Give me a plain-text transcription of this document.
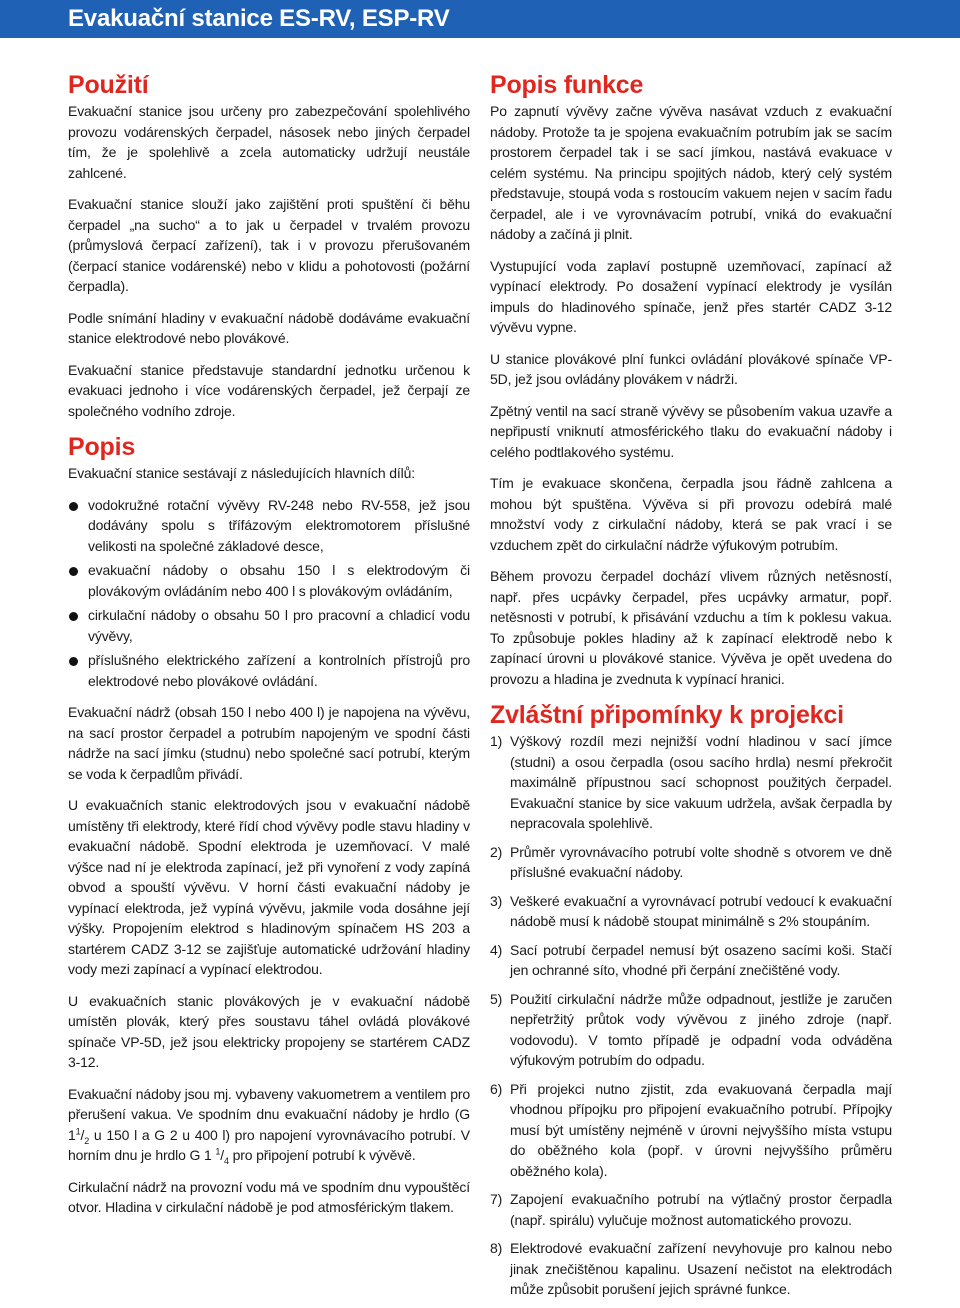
Evakuační stanice ES-RV, ESP-RV
Použití

Evakuační stanice jsou určeny pro zabezpečování spolehlivého provozu vodárenských čerpadel, násosek nebo jiných čerpadel tím, že je spolehlivě a zcela automaticky udržují neustále zahlcené.

Evakuační stanice slouží jako zajištění proti spuštění či běhu čerpadel „na sucho“ a to jak u čerpadel v trvalém provozu (průmyslová čerpací zařízení), tak i v provozu přerušovaném (čerpací stanice vodárenské) nebo v klidu a pohotovosti (požární čerpadla).

Podle snímání hladiny v evakuační nádobě dodáváme evakuační stanice elektrodové nebo plovákové.

Evakuační stanice představuje standardní jednotku určenou k evakuaci jednoho i více vodárenských čerpadel, jež čerpají ze společného vodního zdroje.

Popis

Evakuační stanice sestávají z následujících hlavních dílů:

vodokružné rotační vývěvy RV-248 nebo RV-558, jež jsou dodávány spolu s třífázovým elektromotorem příslušné velikosti na společné základové desce,
evakuační nádoby o obsahu 150 l s elektrodovým či plovákovým ovládáním nebo 400 l s plovákovým ovládáním,
cirkulační nádoby o obsahu 50 l pro pracovní a chladicí vodu vývěvy,
příslušného elektrického zařízení a kontrolních přístrojů pro elektrodové nebo plovákové ovládání.

Evakuační nádrž (obsah 150 l nebo 400 l) je napojena na vývěvu, na sací prostor čerpadel a potrubím napojeným ve spodní části nádrže na sací jímku (studnu) nebo společné sací potrubí, kterým se voda k čerpadlům přivádí.

U evakuačních stanic elektrodových jsou v evakuační nádobě umístěny tři elektrody, které řídí chod vývěvy podle stavu hladiny v evakuační nádobě. Spodní elektroda je uzemňovací. V malé výšce nad ní je elektroda zapínací, jež při vynoření z vody zapíná obvod a spouští vývěvu. V horní části evakuační nádoby je vypínací elektroda, jež vypíná vývěvu, jakmile voda dosáhne její výšky. Propojením elektrod s hladinovým spínačem HS 203 a startérem CADZ 3-12 se zajišťuje automatické udržování hladiny vody mezi zapínací a vypínací elektrodou.

U evakuačních stanic plovákových je v evakuační nádobě umístěn plovák, který přes soustavu táhel ovládá plovákové spínače VP-5D, jež jsou elektricky propojeny se startérem CADZ 3-12.

Evakuační nádoby jsou mj. vybaveny vakuometrem a ventilem pro přerušení vakua. Ve spodním dnu evakuační nádoby je hrdlo (G $1^1/_2$ u 150 l a G 2 u 400 l) pro napojení vyrovnávacího potrubí. V horním dnu je hrdlo G 1 $^1/_4$ pro připojení potrubí k vývěvě.

Cirkulační nádrž na provozní vodu má ve spodním dnu vypouštěcí otvor. Hladina v cirkulační nádobě je pod atmosférickým tlakem.

Popis funkce

Po zapnutí vývěvy začne vývěva nasávat vzduch z evakuační nádoby. Protože ta je spojena evakuačním potrubím jak se sacím prostorem čerpadel tak i se sací jímkou, nastává evakuace v celém systému. Na principu spojitých nádob, který celý systém představuje, stoupá voda s rostoucím vakuem nejen v sacím řadu čerpadel, ale i ve vyrovnávacím potrubí, vniká do evakuační nádoby a začíná ji plnit.

Vystupující voda zaplaví postupně uzemňovací, zapínací až vypínací elektrody. Po dosažení vypínací elektrody je vysílán impuls do hladinového spínače, jenž přes startér CADZ 3-12 vývěvu vypne.

U stanice plovákové plní funkci ovládání plovákové spínače VP-5D, jež jsou ovládány plovákem v nádrži.

Zpětný ventil na sací straně vývěvy se působením vakua uzavře a nepřipustí vniknutí atmosférického tlaku do evakuační nádoby i celého podtlakového systému.

Tím je evakuace skončena, čerpadla jsou řádně zahlcena a mohou být spuštěna. Vývěva si při provozu odebírá malé množství vody z cirkulační nádoby, která se pak vrací i se vzduchem zpět do cirkulační nádrže výfukovým potrubím.

Během provozu čerpadel dochází vlivem různých netěsností, např. přes ucpávky čerpadel, přes ucpávky armatur, popř. netěsnosti v potrubí, k přisávání vzduchu a tím k poklesu vakua. To způsobuje pokles hladiny až k zapínací elektrodě nebo k zapínací úrovni u plovákové stanice. Vývěva je opět uvedena do provozu a hladina je zvednuta k vypínací hranici.

Zvláštní připomínky k projekci
1) Výškový rozdíl mezi nejnižší vodní hladinou v sací jímce (studni) a osou čerpadla (osou sacího hrdla) nesmí překročit maximálně přípustnou sací schopnost použitých čerpadel. Evakuační stanice by sice vakuum udržela, avšak čerpadla by nepracovala spolehlivě.
2) Průměr vyrovnávacího potrubí volte shodně s otvorem ve dně příslušné evakuační nádoby.
3) Veškeré evakuační a vyrovnávací potrubí vedoucí k evakuační nádobě musí k nádobě stoupat minimálně s 2% stoupáním.
4) Sací potrubí čerpadel nemusí být osazeno sacími koši. Stačí jen ochranné síto, vhodné při čerpání znečištěné vody.
5) Použití cirkulační nádrže může odpadnout, jestliže je zaručen nepřetržitý průtok vody vývěvou z jiného zdroje (např. vodovodu). V tomto případě je odpadní voda odváděna výfukovým potrubím do odpadu.
6) Při projekci nutno zjistit, zda evakuovaná čerpadla mají vhodnou přípojku pro připojení evakuačního potrubí. Přípojky musí být umístěny nejméně v úrovni nejvyššího místa vstupu do oběžného kola (popř. v úrovni nejvyššího průměru oběžného kola).
7) Zapojení evakuačního potrubí na výtlačný prostor čerpadla (např. spirálu) vylučuje možnost automatického provozu.
8) Elektrodové evakuační zařízení nevyhovuje pro kalnou nebo jinak znečištěnou kapalinu. Usazení nečistot na elektrodách může způsobit porušení jejich správné funkce.
